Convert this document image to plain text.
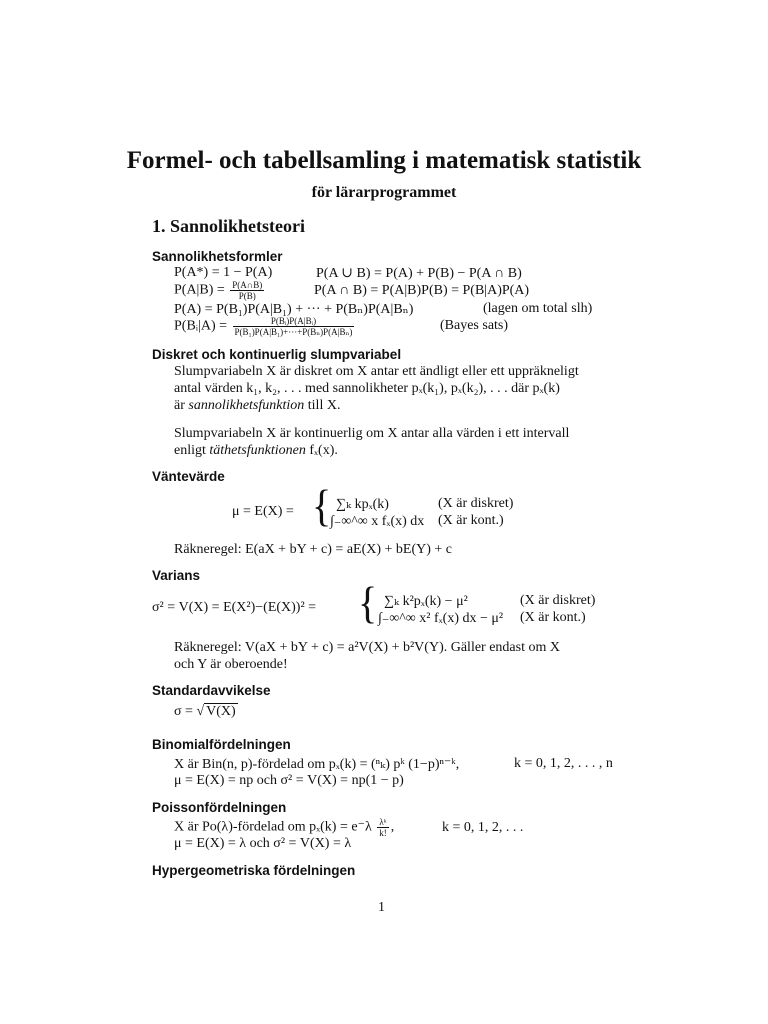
Formel- och tabellsamling i matematisk statistik
för lärarprogrammet
1. Sannolikhetsteori
Sannolikhetsformler
P(A*) = 1 − P(A)	P(A ∪ B) = P(A) + P(B) − P(A ∩ B)
$P(A|B) = \frac{P(A\cap B)}{P(B)}$	P(A ∩ B) = P(A|B)P(B) = P(B|A)P(A)
P(A) = P(B₁)P(A|B₁) + ··· + P(Bₙ)P(A|Bₙ)	(lagen om total slh)
P(Bᵢ|A) = $\frac{\text{P(Bᵢ)P(A|Bᵢ)}}{\text{P(B₁)P(A|B₁)+···+P(Bₙ)P(A|Bₙ)}}$	(Bayes sats)
Diskret och kontinuerlig slumpvariabel
Slumpvariabeln X är diskret om X antar ett ändligt eller ett uppräkneligt
antal värden k₁, k₂, . . . med sannolikheter pₓ(k₁), pₓ(k₂), . . . där pₓ(k)
är sannolikhetsfunktion till X.
Slumpvariabeln X är kontinuerlig om X antar alla värden i ett intervall
enligt täthetsfunktionen fₓ(x).
Väntevärde
μ = E(X) = { ∑ₖ kpₓ(k)	(X är diskret)
∫₋∞^∞ x fₓ(x) dx (X är kont.)
Räkneregel: E(aX + bY + c) = aE(X) + bE(Y) + c
Varians
σ² = V(X) = E(X²)−(E(X))² = { ∑ₖ k²pₓ(k) − μ²	(X är diskret)
∫₋∞^∞ x² fₓ(x) dx − μ² (X är kont.)
Räkneregel: V(aX + bY + c) = a²V(X) + b²V(Y). Gäller endast om X
och Y är oberoende!
Standardavvikelse
σ = √ V(X)
Binomialfördelningen
X är Bin(n, p)-fördelad om pₓ(k) = (ⁿₖ) pᵏ (1−p)ⁿ⁻ᵏ,	k = 0, 1, 2, . . . , n
μ = E(X) = np och σ² = V(X) = np(1 − p)
Poissonfördelningen
X är Po(λ)-fördelad om $p_x(k) = e^-\lambda \frac{\text{λᵏ}}{k!}$ ,	k = 0, 1, 2, . . .
μ = E(X) = λ och σ² = V(X) = λ
Hypergeometriska fördelningen
1
